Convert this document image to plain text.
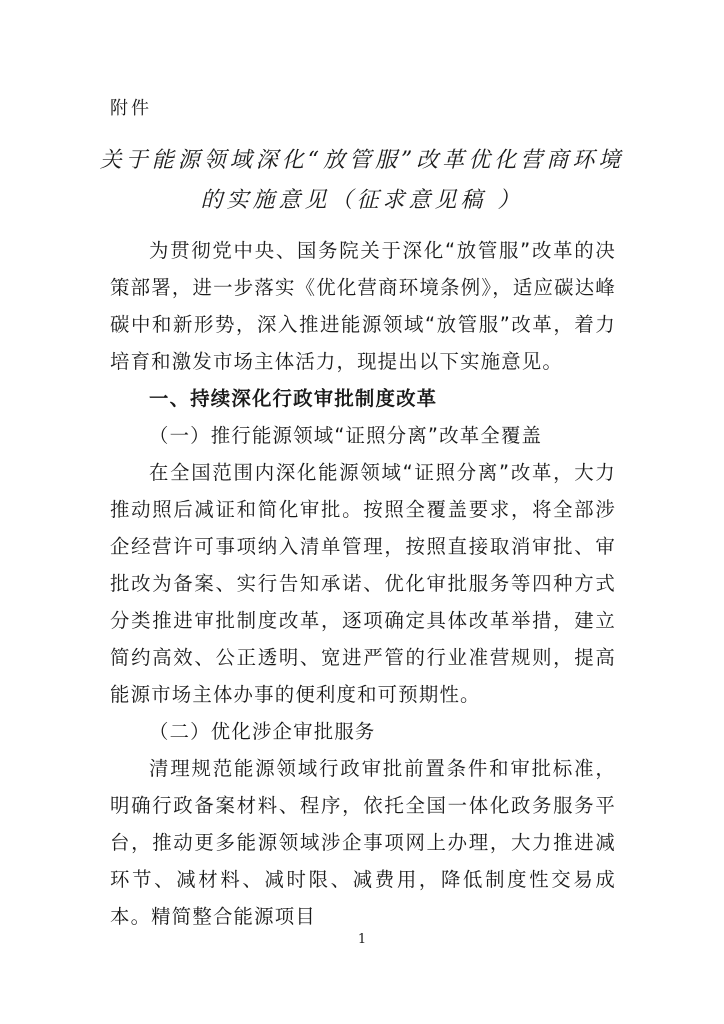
附件
关于能源领域深化“放管服”改革优化营商环境
的实施意见（征求意见稿 ）

为贯彻党中央、国务院关于深化“放管服”改革的决策部署，进一步落实《优化营商环境条例》，适应碳达峰碳中和新形势，深入推进能源领域“放管服”改革，着力培育和激发市场主体活力，现提出以下实施意见。

一、持续深化行政审批制度改革

（一）推行能源领域“证照分离”改革全覆盖

在全国范围内深化能源领域“证照分离”改革，大力推动照后减证和简化审批。按照全覆盖要求，将全部涉企经营许可事项纳入清单管理，按照直接取消审批、审批改为备案、实行告知承诺、优化审批服务等四种方式分类推进审批制度改革，逐项确定具体改革举措，建立简约高效、公正透明、宽进严管的行业准营规则，提高能源市场主体办事的便利度和可预期性。

（二）优化涉企审批服务

清理规范能源领域行政审批前置条件和审批标准，明确行政备案材料、程序，依托全国一体化政务服务平台，推动更多能源领域涉企事项网上办理，大力推进减环节、减材料、减时限、减费用，降低制度性交易成本。精简整合能源项目

1
